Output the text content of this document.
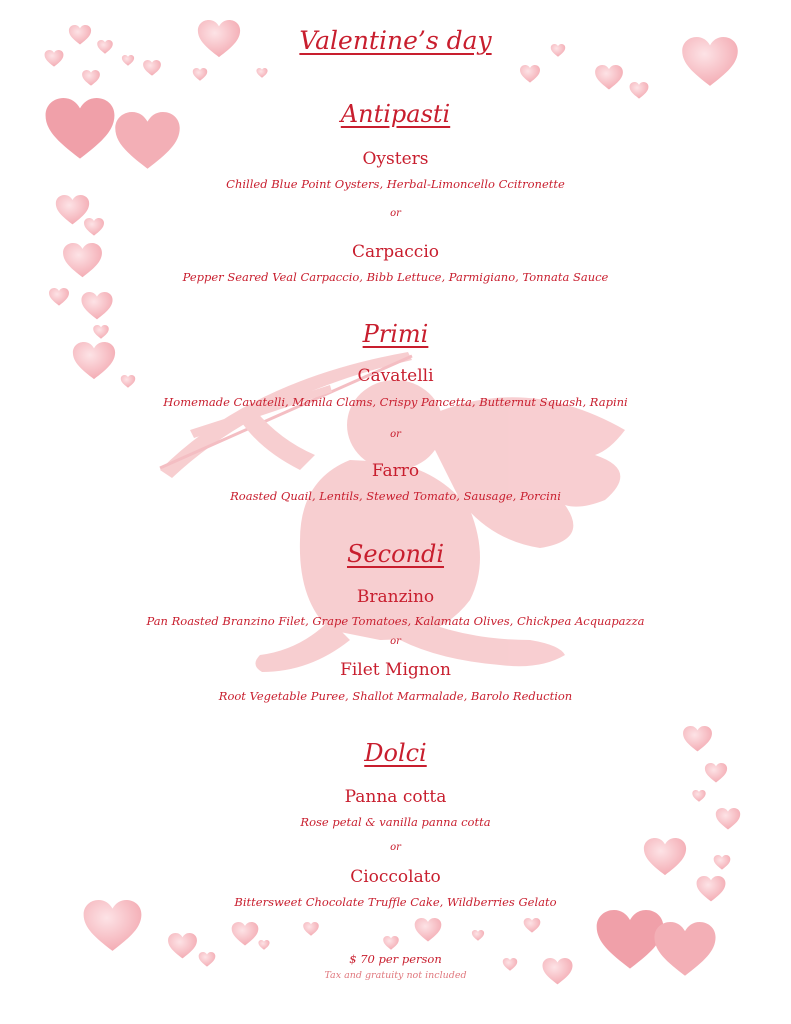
Valentine’s day
Antipasti
Oysters
Chilled Blue Point Oysters, Herbal-Limoncello Ccitronette
or
Carpaccio
Pepper Seared Veal Carpaccio, Bibb Lettuce, Parmigiano, Tonnata Sauce
Primi
Cavatelli
Homemade Cavatelli, Manila Clams, Crispy Pancetta, Butternut Squash, Rapini
or
Farro
Roasted Quail, Lentils, Stewed Tomato, Sausage, Porcini
Secondi
Branzino
Pan Roasted Branzino Filet, Grape Tomatoes, Kalamata Olives, Chickpea Acquapazza
or
Filet Mignon
Root Vegetable Puree, Shallot Marmalade, Barolo Reduction
Dolci
Panna cotta
Rose petal & vanilla panna cotta
or
Cioccolato
Bittersweet Chocolate Truffle Cake, Wildberries Gelato
$ 70 per person
Tax and gratuity not included
